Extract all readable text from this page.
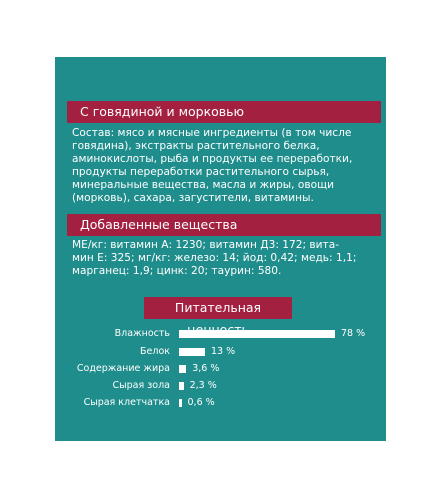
С говядиной и морковью
Состав: мясо и мясные ингредиенты (в том числе
говядина), экстракты растительного белка,
аминокислоты, рыба и продукты ее переработки,
продукты переработки растительного сырья,
минеральные вещества, масла и жиры, овощи
(морковь), сахара, загустители, витамины.
Добавленные вещества
МЕ/кг: витамин А: 1230; витамин Д3: 172; вита-
мин Е: 325; мг/кг: железо: 14; йод: 0,42; медь: 1,1;
марганец: 1,9; цинк: 20; таурин: 580.
Питательная
Влажность	78 %
Белок	13 %
Содержание жира 3,6 %
Сырая зола 2,3 %
Сырая клетчатка 0,6 %
